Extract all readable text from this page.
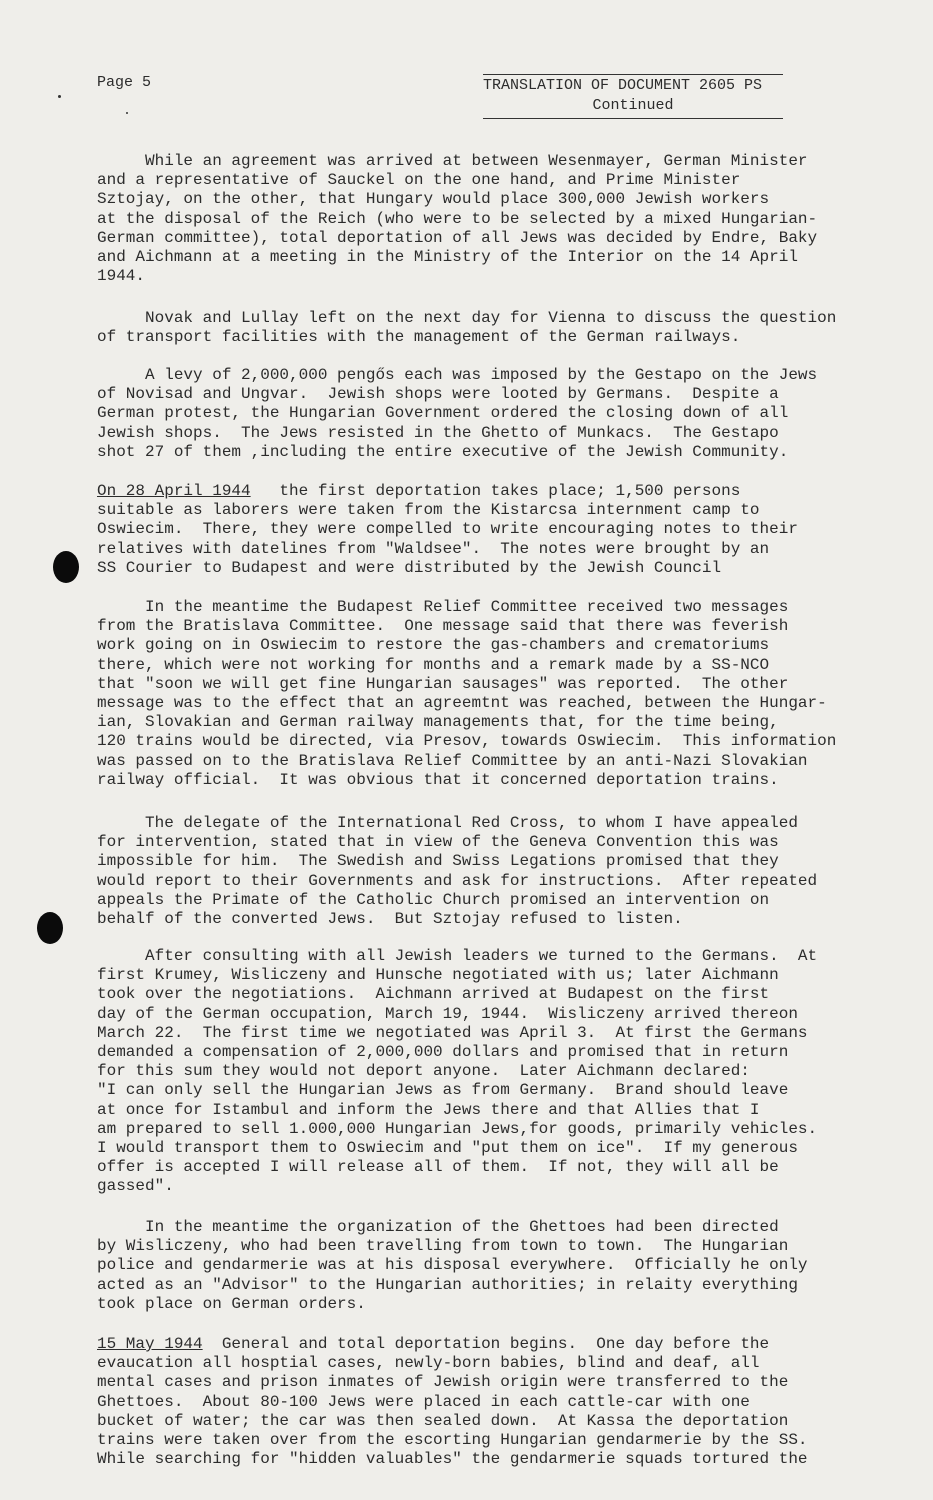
Page 5	TRANSLATION OF DOCUMENT 2605 PS
Continued
While an agreement was arrived at between Wesenmayer, German Minister
and a representative of Sauckel on the one hand, and Prime Minister
Sztojay, on the other, that Hungary would place 300,000 Jewish workers
at the disposal of the Reich (who were to be selected by a mixed Hungarian-
German committee), total deportation of all Jews was decided by Endre, Baky
and Aichmann at a meeting in the Ministry of the Interior on the 14 April
1944.
Novak and Lullay left on the next day for Vienna to discuss the question
of transport facilities with the management of the German railways.
A levy of 2,000,000 pengős each was imposed by the Gestapo on the Jews
of Novisad and Ungvar.  Jewish shops were looted by Germans.  Despite a
German protest, the Hungarian Government ordered the closing down of all
Jewish shops.  The Jews resisted in the Ghetto of Munkacs.  The Gestapo
shot 27 of them ,including the entire executive of the Jewish Community.
On 28 April 1944   the first deportation takes place; 1,500 persons
suitable as laborers were taken from the Kistarcsa internment camp to
Oswiecim.  There, they were compelled to write encouraging notes to their
relatives with datelines from "Waldsee".  The notes were brought by an
SS Courier to Budapest and were distributed by the Jewish Council
In the meantime the Budapest Relief Committee received two messages
from the Bratislava Committee.  One message said that there was feverish
work going on in Oswiecim to restore the gas-chambers and crematoriums
there, which were not working for months and a remark made by a SS-NCO
that "soon we will get fine Hungarian sausages" was reported.  The other
message was to the effect that an agreemtnt was reached, between the Hungar-
ian, Slovakian and German railway managements that, for the time being,
120 trains would be directed, via Presov, towards Oswiecim.  This information
was passed on to the Bratislava Relief Committee by an anti-Nazi Slovakian
railway official.  It was obvious that it concerned deportation trains.
The delegate of the International Red Cross, to whom I have appealed
for intervention, stated that in view of the Geneva Convention this was
impossible for him.  The Swedish and Swiss Legations promised that they
would report to their Governments and ask for instructions.  After repeated
appeals the Primate of the Catholic Church promised an intervention on
behalf of the converted Jews.  But Sztojay refused to listen.
After consulting with all Jewish leaders we turned to the Germans.  At
first Krumey, Wisliczeny and Hunsche negotiated with us; later Aichmann
took over the negotiations.  Aichmann arrived at Budapest on the first
day of the German occupation, March 19, 1944.  Wisliczeny arrived thereon
March 22.  The first time we negotiated was April 3.  At first the Germans
demanded a compensation of 2,000,000 dollars and promised that in return
for this sum they would not deport anyone.  Later Aichmann declared:
"I can only sell the Hungarian Jews as from Germany.  Brand should leave
at once for Istambul and inform the Jews there and that Allies that I
am prepared to sell 1.000,000 Hungarian Jews,for goods, primarily vehicles.
I would transport them to Oswiecim and "put them on ice".  If my generous
offer is accepted I will release all of them.  If not, they will all be
gassed".
In the meantime the organization of the Ghettoes had been directed
by Wisliczeny, who had been travelling from town to town.  The Hungarian
police and gendarmerie was at his disposal everywhere.  Officially he only
acted as an "Advisor" to the Hungarian authorities; in relaity everything
took place on German orders.
15 May 1944  General and total deportation begins.  One day before the
evaucation all hosptial cases, newly-born babies, blind and deaf, all
mental cases and prison inmates of Jewish origin were transferred to the
Ghettoes.  About 80-100 Jews were placed in each cattle-car with one
bucket of water; the car was then sealed down.  At Kassa the deportation
trains were taken over from the escorting Hungarian gendarmerie by the SS.
While searching for "hidden valuables" the gendarmerie squads tortured the
